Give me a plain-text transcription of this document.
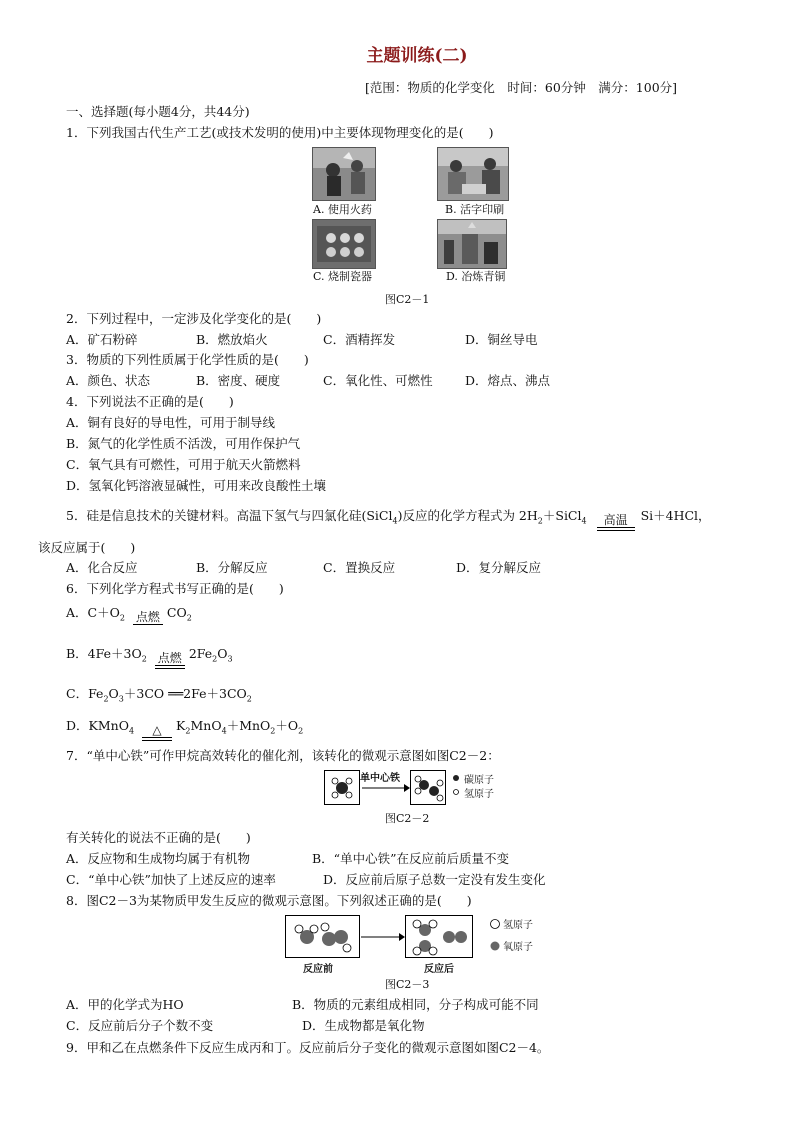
主题训练(二)
[范围：物质的化学变化　时间：60分钟　满分：100分]
一、选择题(每小题4分，共44分)
1．下列我国古代生产工艺(或技术发明的使用)中主要体现物理变化的是(　　)
A. 使用火药	B. 活字印刷
C. 烧制瓷器	D. 冶炼青铜
图C2－1
2．下列过程中，一定涉及化学变化的是(　　)
A．矿石粉碎	B．燃放焰火	C．酒精挥发	D．铜丝导电
3．物质的下列性质属于化学性质的是(　　)
A．颜色、状态	B．密度、硬度	C．氧化性、可燃性	D．熔点、沸点
4．下列说法不正确的是(　　)
A．铜有良好的导电性，可用于制导线
B．氮气的化学性质不活泼，可用作保护气
C．氧气具有可燃性，可用于航天火箭燃料
D．氢氧化钙溶液显碱性，可用来改良酸性土壤
5．硅是信息技术的关键材料。高温下氢气与四氯化硅(SiCl$_4$)反应的化学方程式为 $2H_2+SiCl_4$	高温	Si＋4HCl，
该反应属于(　　)
A．化合反应	B．分解反应	C．置换反应	D．复分解反应
6．下列化学方程式书写正确的是(　　)
A．$C+O_2$ 点燃 $CO_2$
B．$4Fe+3O_2$ 点燃 $2Fe_2O_3$
C．$Fe_2O_3+3CO$ $══2Fe+3CO_2$
D．KMnO$_4$	△	$K_2MnO_4+MnO_2+O_2$
7．“单中心铁”可作甲烷高效转化的催化剂，该转化的微观示意图如图C2－2：
单中心铁	碳原子
氢原子
图C2－2
有关转化的说法不正确的是(　　)
A．反应物和生成物均属于有机物	B．“单中心铁”在反应前后质量不变
C．“单中心铁”加快了上述反应的速率	D．反应前后原子总数一定没有发生变化
8．图C2－3为某物质甲发生反应的微观示意图。下列叙述正确的是(　　)
氢原子
氧原子
反应前	反应后
图C2－3
A．甲的化学式为HO	B．物质的元素组成相同，分子构成可能不同
C．反应前后分子个数不变	D．生成物都是氧化物
9．甲和乙在点燃条件下反应生成丙和丁。反应前后分子变化的微观示意图如图C2－4。
